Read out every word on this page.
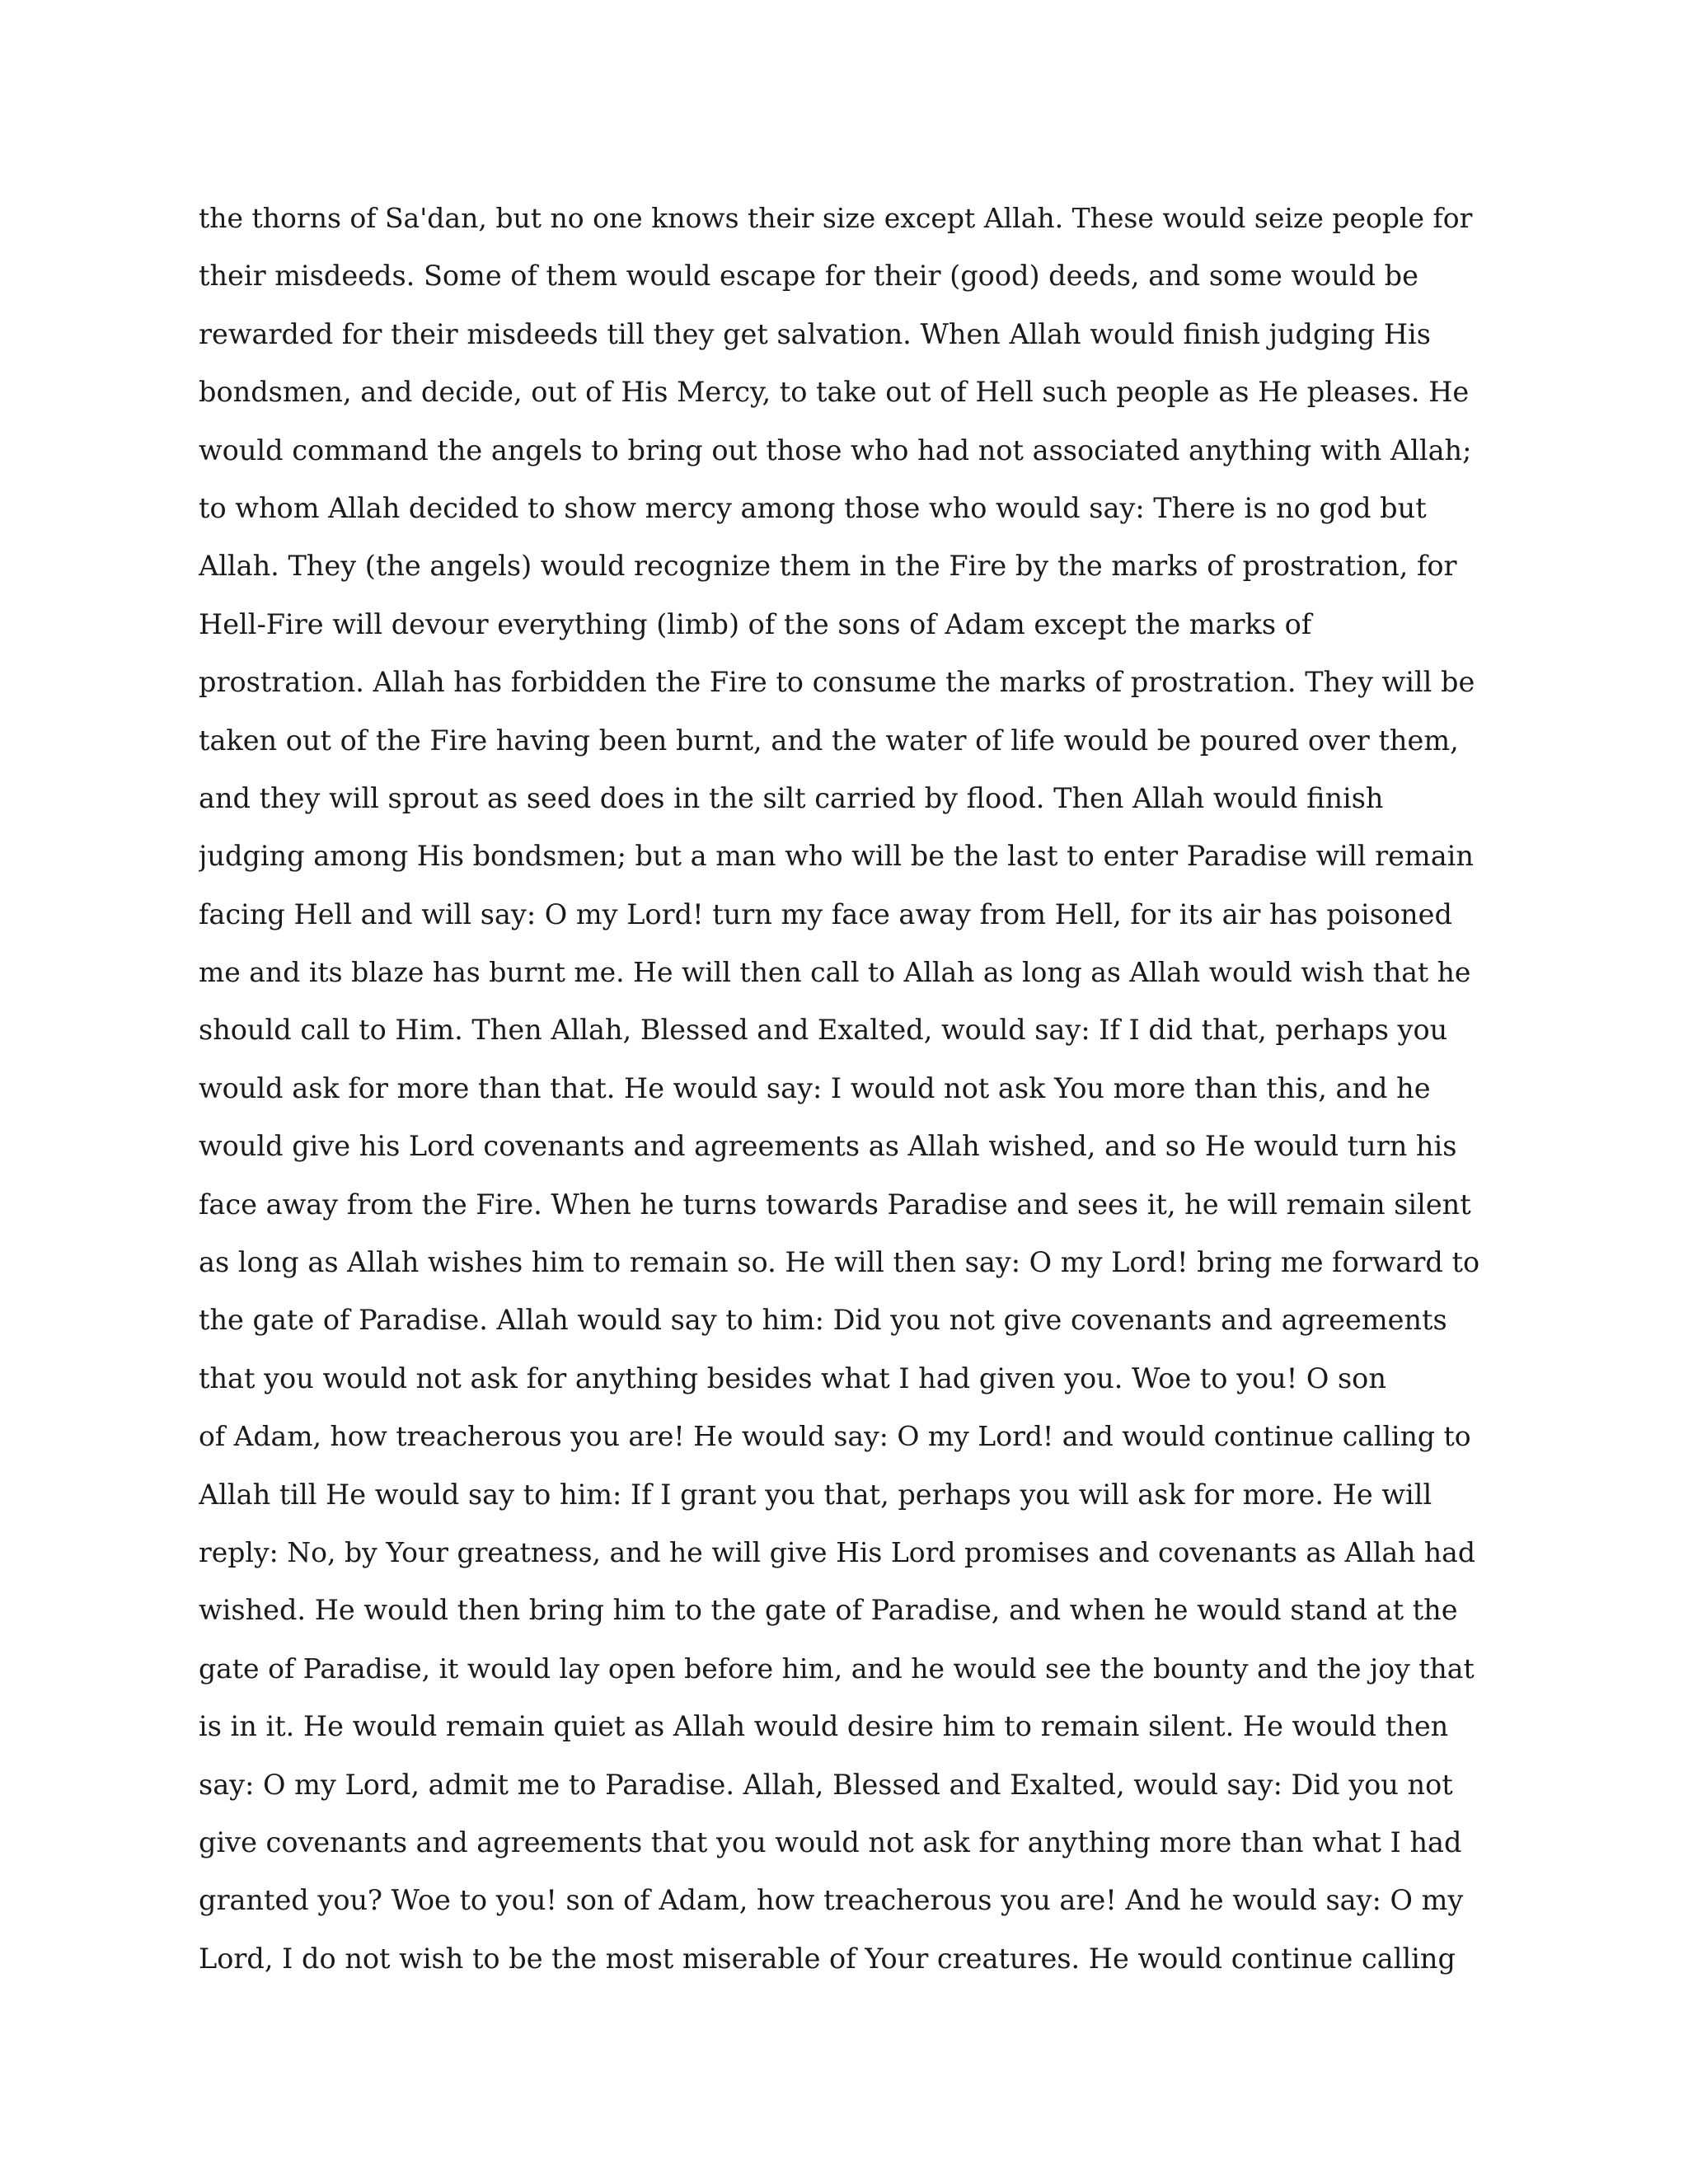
the thorns of Sa'dan, but no one knows their size except Allah. These would seize people for
their misdeeds. Some of them would escape for their (good) deeds, and some would be
rewarded for their misdeeds till they get salvation. When Allah would finish judging His
bondsmen, and decide, out of His Mercy, to take out of Hell such people as He pleases. He
would command the angels to bring out those who had not associated anything with Allah;
to whom Allah decided to show mercy among those who would say: There is no god but
Allah. They (the angels) would recognize them in the Fire by the marks of prostration, for
Hell-Fire will devour everything (limb) of the sons of Adam except the marks of
prostration. Allah has forbidden the Fire to consume the marks of prostration. They will be
taken out of the Fire having been burnt, and the water of life would be poured over them,
and they will sprout as seed does in the silt carried by flood. Then Allah would finish
judging among His bondsmen; but a man who will be the last to enter Paradise will remain
facing Hell and will say: O my Lord! turn my face away from Hell, for its air has poisoned
me and its blaze has burnt me. He will then call to Allah as long as Allah would wish that he
should call to Him. Then Allah, Blessed and Exalted, would say: If I did that, perhaps you
would ask for more than that. He would say: I would not ask You more than this, and he
would give his Lord covenants and agreements as Allah wished, and so He would turn his
face away from the Fire. When he turns towards Paradise and sees it, he will remain silent
as long as Allah wishes him to remain so. He will then say: O my Lord! bring me forward to
the gate of Paradise. Allah would say to him: Did you not give covenants and agreements
that you would not ask for anything besides what I had given you. Woe to you! O son
of Adam, how treacherous you are! He would say: O my Lord! and would continue calling to
Allah till He would say to him: If I grant you that, perhaps you will ask for more. He will
reply: No, by Your greatness, and he will give His Lord promises and covenants as Allah had
wished. He would then bring him to the gate of Paradise, and when he would stand at the
gate of Paradise, it would lay open before him, and he would see the bounty and the joy that
is in it. He would remain quiet as Allah would desire him to remain silent. He would then
say: O my Lord, admit me to Paradise. Allah, Blessed and Exalted, would say: Did you not
give covenants and agreements that you would not ask for anything more than what I had
granted you? Woe to you! son of Adam, how treacherous you are! And he would say: O my
Lord, I do not wish to be the most miserable of Your creatures. He would continue calling
